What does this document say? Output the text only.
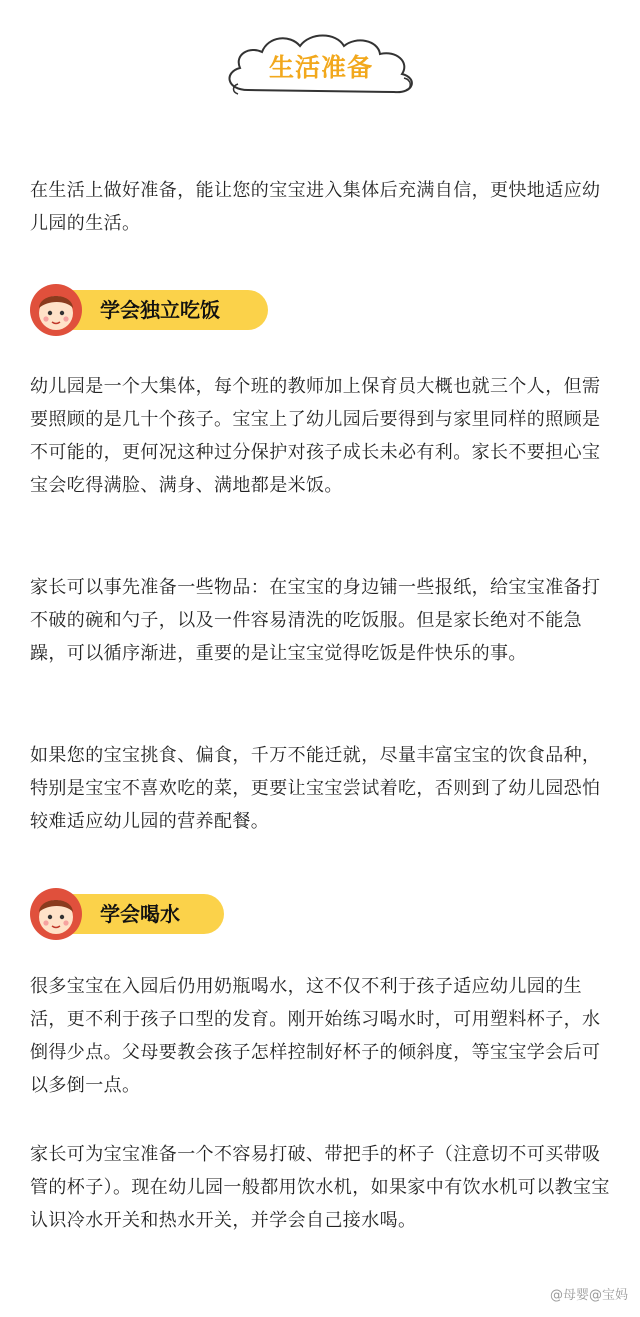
生活准备

在生活上做好准备，能让您的宝宝进入集体后充满自信，更快地适应幼儿园的生活。

学会独立吃饭

幼儿园是一个大集体，每个班的教师加上保育员大概也就三个人，但需要照顾的是几十个孩子。宝宝上了幼儿园后要得到与家里同样的照顾是不可能的，更何况这种过分保护对孩子成长未必有利。家长不要担心宝宝会吃得满脸、满身、满地都是米饭。

家长可以事先准备一些物品：在宝宝的身边铺一些报纸，给宝宝准备打不破的碗和勺子，以及一件容易清洗的吃饭服。但是家长绝对不能急躁，可以循序渐进，重要的是让宝宝觉得吃饭是件快乐的事。

如果您的宝宝挑食、偏食，千万不能迁就，尽量丰富宝宝的饮食品种，特别是宝宝不喜欢吃的菜，更要让宝宝尝试着吃，否则到了幼儿园恐怕较难适应幼儿园的营养配餐。

学会喝水

很多宝宝在入园后仍用奶瓶喝水，这不仅不利于孩子适应幼儿园的生活，更不利于孩子口型的发育。刚开始练习喝水时，可用塑料杯子，水倒得少点。父母要教会孩子怎样控制好杯子的倾斜度，等宝宝学会后可以多倒一点。

家长可为宝宝准备一个不容易打破、带把手的杯子（注意切不可买带吸管的杯子）。现在幼儿园一般都用饮水机，如果家中有饮水机可以教宝宝认识冷水开关和热水开关，并学会自己接水喝。

@母婴@宝妈
